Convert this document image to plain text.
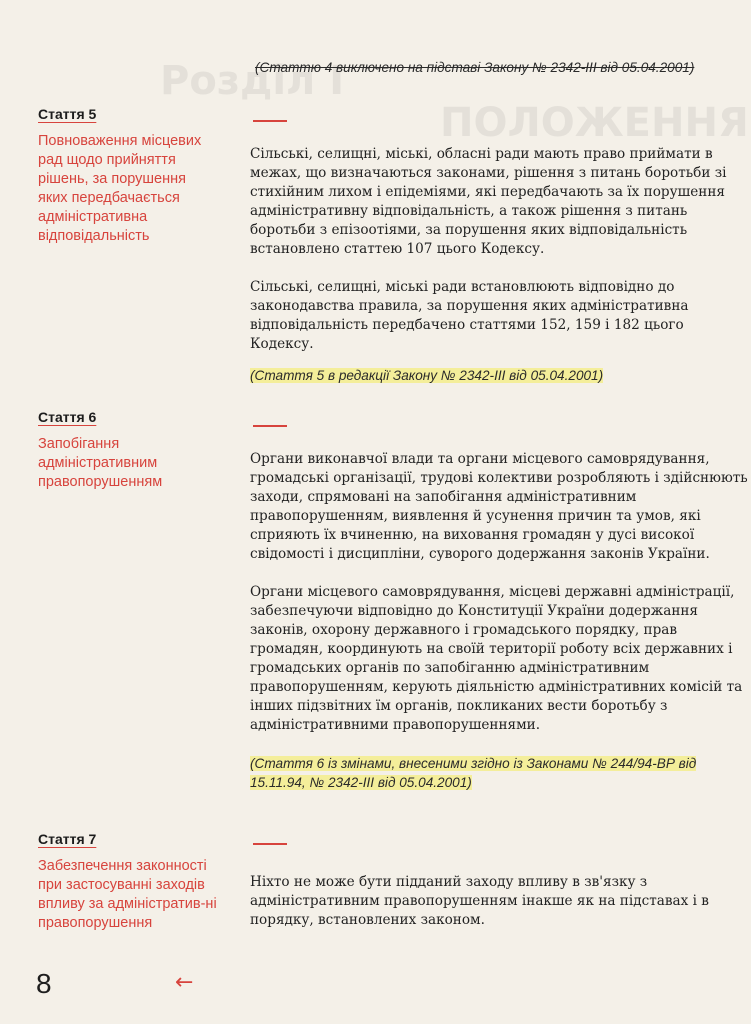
Розділ І
ПОЛОЖЕННЯ

(Статтю 4 виключено на підставі Закону № 2342-III від 05.04.2001)

Стаття 5
Повноваження місцевих рад щодо прийняття рішень, за порушення яких передбачається адміністративна відповідальність

Сільські, селищні, міські, обласні ради мають право приймати в межах, що визначаються законами, рішення з питань боротьби зі стихійним лихом і епідеміями, які передбачають за їх порушення адміністративну відповідальність, а також рішення з питань боротьби з епізоотіями, за порушення яких відповідальність встановлено статтею 107 цього Кодексу.

Сільські, селищні, міські ради встановлюють відповідно до законодавства правила, за порушення яких адміністративна відповідальність передбачено статтями 152, 159 і 182 цього Кодексу.

(Стаття 5 в редакції Закону № 2342-III від 05.04.2001)

Стаття 6
Запобігання адміністративним правопорушенням

Органи виконавчої влади та органи місцевого самоврядування, громадські організації, трудові колективи розробляють і здійснюють заходи, спрямовані на запобігання адміністративним правопорушенням, виявлення й усунення причин та умов, які сприяють їх вчиненню, на виховання громадян у дусі високої свідомості і дисципліни, суворого додержання законів України.

Органи місцевого самоврядування, місцеві державні адміністрації, забезпечуючи відповідно до Конституції України додержання законів, охорону державного і громадського порядку, прав громадян, координують на своїй території роботу всіх державних і громадських органів по запобіганню адміністративним правопорушенням, керують діяльністю адміністративних комісій та інших підзвітних їм органів, покликаних вести боротьбу з адміністративними правопорушеннями.

(Стаття 6 із змінами, внесеними згідно із Законами № 244/94-ВР від 15.11.94, № 2342-III від 05.04.2001)

Стаття 7
Забезпечення законності при застосуванні заходів впливу за адміністратив-ні правопорушення

Ніхто не може бути підданий заходу впливу в зв'язку з адміністративним правопорушенням інакше як на підставах і в порядку, встановлених законом.

8	←
